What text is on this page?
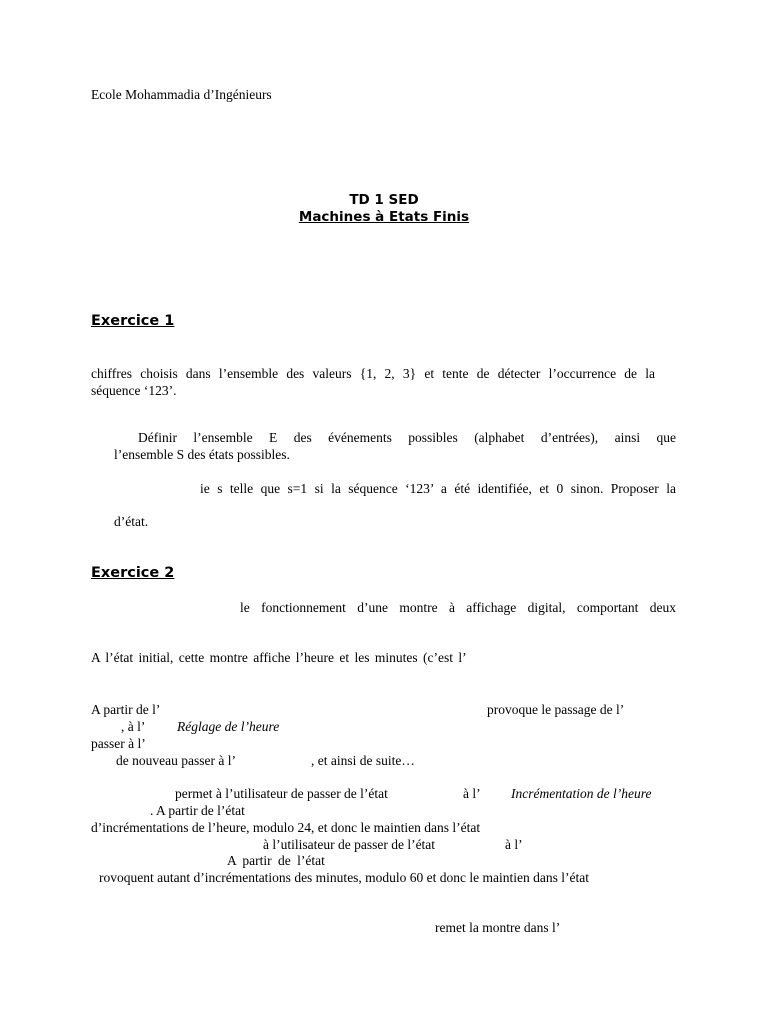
Ecole Mohammadia d’Ingénieurs
TD 1 SED
Machines à Etats Finis
Exercice 1
chiffres choisis dans l’ensemble des valeurs {1, 2, 3} et tente de détecter l’occurrence de la
séquence ‘123’.
Définir l’ensemble E des événements possibles (alphabet d’entrées), ainsi que
l’ensemble S des états possibles.
ie s telle que s=1 si la séquence ‘123’ a été identifiée, et 0 sinon. Proposer la
d’état.
Exercice 2
le fonctionnement d’une montre à affichage digital, comportant deux
A l’état initial, cette montre affiche l’heure et les minutes (c’est l’
A partir de l’	provoque le passage de l’
, à l’ Réglage de l’heure
passer à l’
de nouveau passer à l’	, et ainsi de suite…
permet à l’utilisateur de passer de l’état	à l’ Incrémentation de l’heure
. A partir de l’état
d’incrémentations de l’heure, modulo 24, et donc le maintien dans l’état
à l’utilisateur de passer de l’état	à l’
A partir de l’état
rovoquent autant d’incrémentations des minutes, modulo 60 et donc le maintien dans l’état
remet la montre dans l’
